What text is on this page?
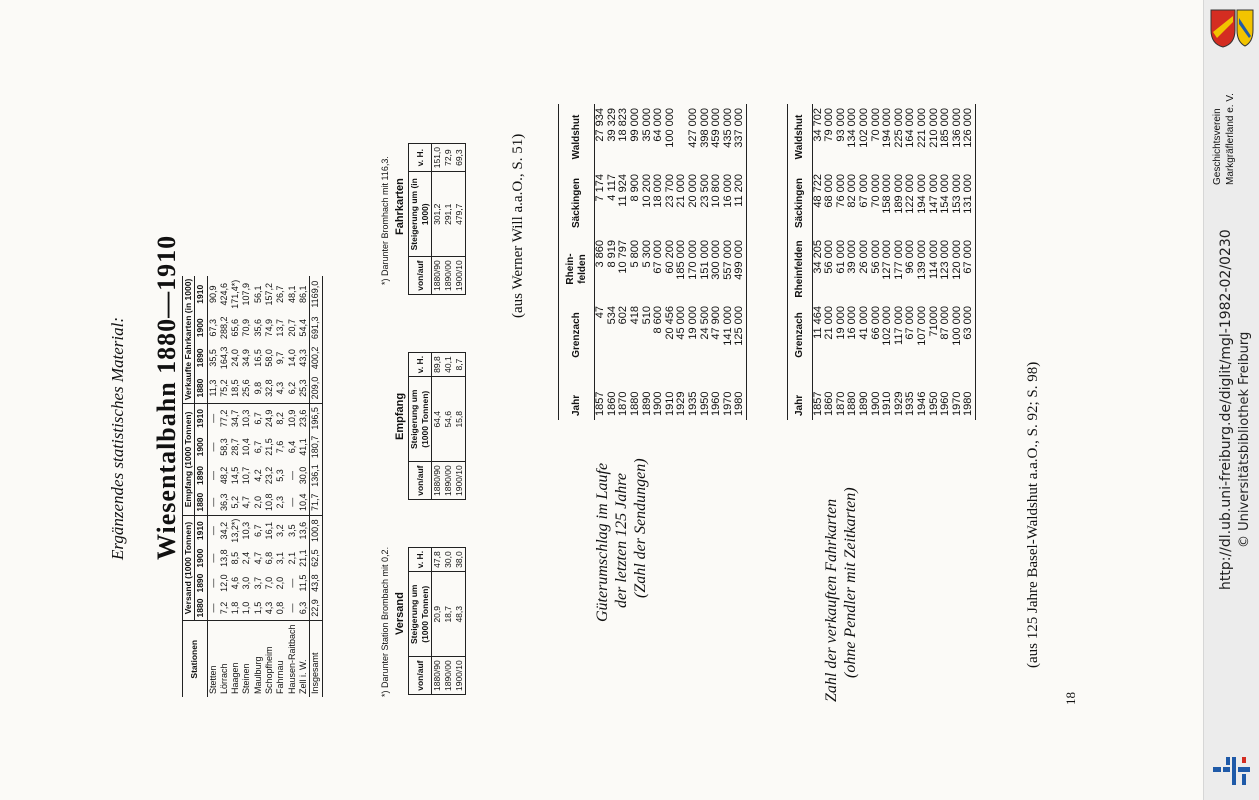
Ergänzendes statistisches Material: Wiesentalbahn 1880—1910
Stationen	Versand (1000 Tonnen)				Empfang (1000 Tonnen)				Verkaufte Fahrkarten (in 1000)			
	1880	1890	1900	1910	1880	1890	1900	1910	1880	1890	1900	1910
Stetten	—	—	—	—	—	—	—	—	11,3	35,5	67,3	90,9
Lörrach	7,2	12,0	13,8	34,2	36,3	48,2	58,3	77,2	75,2	164,3	288,2	424,6
Haagen	1,8	4,6	8,5	13,2*)	5,2	14,5	28,7	34,7	18,5	24,0	65,6	171,4*)
Steinen	1,0	3,0	2,4	10,3	4,7	10,7	10,4	10,3	25,6	34,9	70,9	107,9
Maulburg	1,5	3,7	4,7	6,7	2,0	4,2	6,7	6,7	9,8	16,5	35,6	56,1
Schopfheim	4,3	7,0	6,8	16,1	10,8	23,2	21,5	24,9	32,8	58,0	74,9	157,2
Fahrnau	0,8	2,0	3,1	3,2	2,3	5,3	7,6	8,2	4,3	9,7	13,7	26,7
Hausen-Raitbach	—	—	2,1	3,5	—	—	6,4	10,9	6,2	14,0	20,7	48,1
Zell i. W.	6,3	11,5	21,1	13,6	10,4	30,0	41,1	23,6	25,3	43,3	54,4	86,1
Insgesamt	22,9	43,8	62,5	100,8	71,7	136,1	180,7	196,5	209,0	400,2	691,3	1169,0
*) Darunter Station Brombach mit 0,2.
*) Darunter Bromhach mit 116,3.
Versand
von/auf	Steigerung um (1000 Tonnen)	v. H.
1880/90	20,9	47,8
1890/00	18,7	30,0
1900/10	48,3	38,0
Empfang
von/auf	Steigerung um (1000 Tonnen)	v. H.
1880/90	64,4	89,8
1890/00	54,6	40,1
1900/10	15,8	8,7
Fahrkarten
von/auf	Steigerung um (in 1000)	v. H.
1880/90	301,2	151,0
1890/00	291,1	72,9
1900/10	479,7	69,3	(aus Werner Will a.a.O., S. 51)
Güterumschlag im Laufe der letzten 125 Jahre (Zahl der Sendungen)
Jahr	Grenzach	Rhein-felden	Säckingen	Waldshut
1857	47	3 860	7 174	27 934
1860	534	8 919	4 117	39 329
1870	602	10 797	11 924	18 823
1880	418	5 800	8 900	99 000
1890	510	5 300	10 200	35 000
1900	8 600	67 000	18 000	64 000
1910	20 456	60 200	23 700	100 000
1929	45 000	185 000	21 000	
1935	19 000	170 000	20 000	427 000
1950	24 500	151 000	23 500	398 000
1960	47 900	300 000	10 800	459 000
1970	141 000	557 000	16 000	435 000
1980	125 000	499 000	11 200	337 000
Zahl der verkauften Fahrkarten (ohne Pendler mit Zeitkarten)
Jahr	Grenzach	Rheinfelden	Säckingen	Waldshut
1857	11 464	34 205	48 722	34 702
1860	21 000	56 000	68 000	79 000
1870	19 000	61 000	76 000	93 000
1880	16 000	39 000	82 000	134 000
1890	41 000	26 000	67 000	102 000
1900	66 000	56 000	70 000	70 000
1910	102 000	127 000	158 000	194 000
1929	117 000	177 000	189 000	225 000
1935	67 000	96 000	122 000	164 000
1946	107 000	139 000	194 000	221 000
1950	71000	114 000	147 000	210 000
1960	87 000	123 000	154 000	185 000
1970	100 000	120 000	153 000	136 000
1980	63 000	67 000	131 000	126 000
(aus 125 Jahre Basel-Waldshut a.a.O., S. 92; S. 98)
18
Geschichtsverein Markgräflerland e. V.
http://dl.ub.uni-freiburg.de/diglit/mgl-1982-02/0230 © Universitätsbibliothek Freiburg
